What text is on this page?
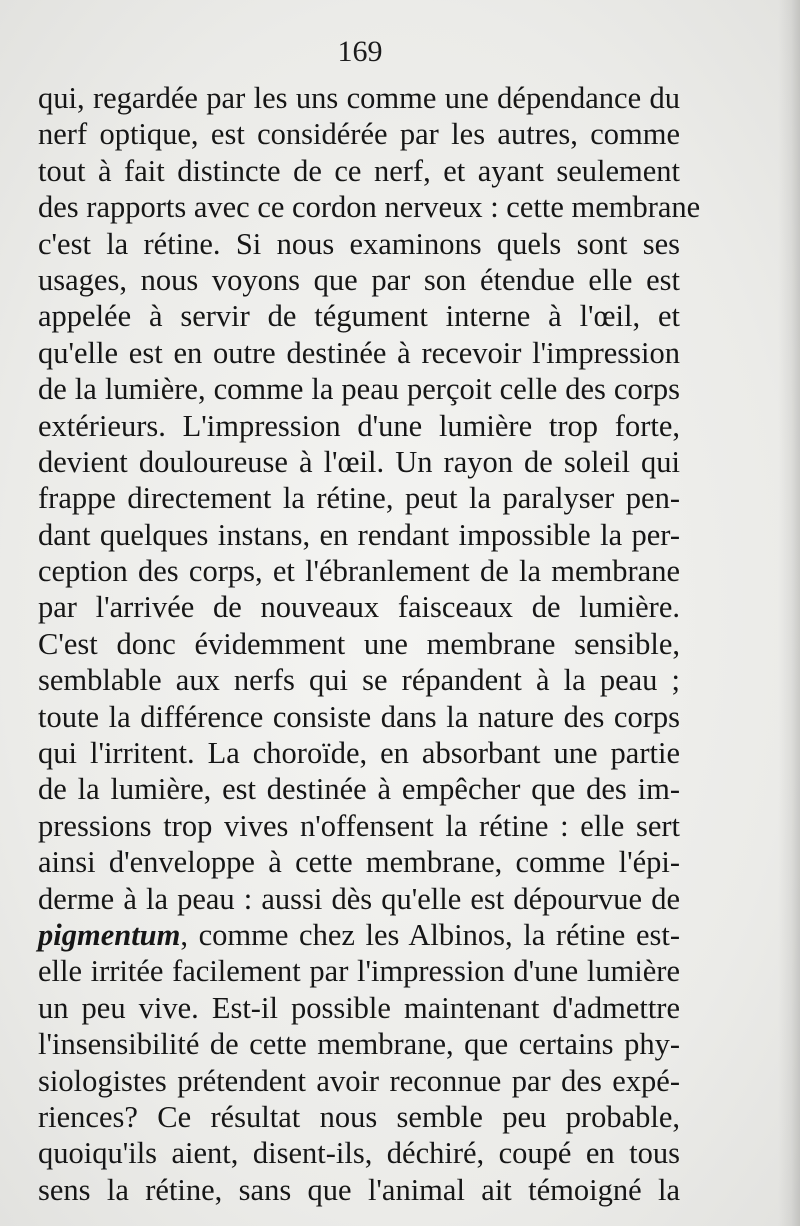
169
qui, regardée par les uns comme une dépendance du
nerf optique, est considérée par les autres, comme
tout à fait distincte de ce nerf, et ayant seulement
des rapports avec ce cordon nerveux : cette membrane
c'est la rétine. Si nous examinons quels sont ses
usages, nous voyons que par son étendue elle est
appelée à servir de tégument interne à l'œil, et
qu'elle est en outre destinée à recevoir l'impression
de la lumière, comme la peau perçoit celle des corps
extérieurs. L'impression d'une lumière trop forte,
devient douloureuse à l'œil. Un rayon de soleil qui
frappe directement la rétine, peut la paralyser pen-
dant quelques instans, en rendant impossible la per-
ception des corps, et l'ébranlement de la membrane
par l'arrivée de nouveaux faisceaux de lumière.
C'est donc évidemment une membrane sensible,
semblable aux nerfs qui se répandent à la peau ;
toute la différence consiste dans la nature des corps
qui l'irritent. La choroïde, en absorbant une partie
de la lumière, est destinée à empêcher que des im-
pressions trop vives n'offensent la rétine : elle sert
ainsi d'enveloppe à cette membrane, comme l'épi-
derme à la peau : aussi dès qu'elle est dépourvue de
pigmentum, comme chez les Albinos, la rétine est-
elle irritée facilement par l'impression d'une lumière
un peu vive. Est-il possible maintenant d'admettre
l'insensibilité de cette membrane, que certains phy-
siologistes prétendent avoir reconnue par des expé-
riences? Ce résultat nous semble peu probable,
quoiqu'ils aient, disent-ils, déchiré, coupé en tous
sens la rétine, sans que l'animal ait témoigné la
